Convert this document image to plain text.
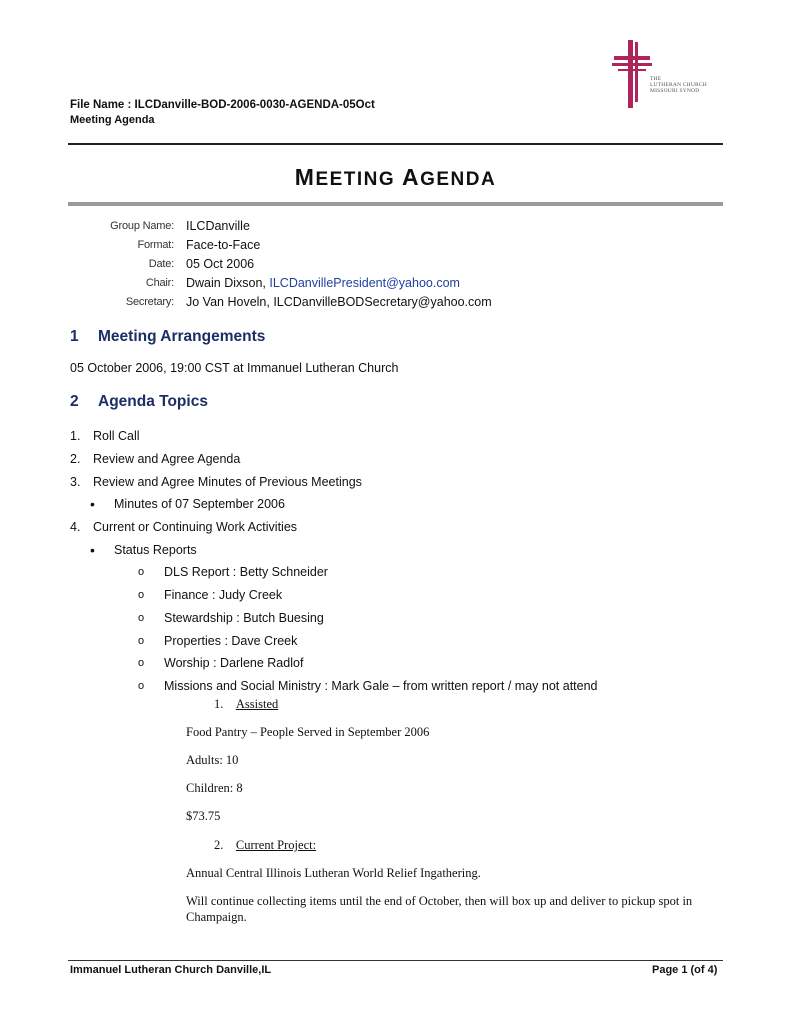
THE
LUTHERAN CHURCH
MISSOURI SYNOD
File Name : ILCDanville-BOD-2006-0030-AGENDA-05Oct
Meeting Agenda
MEETING AGENDA
Group Name: ILCDanville
Format: Face-to-Face
Date: 05 Oct 2006
Chair: Dwain Dixson, ILCDanvillePresident@yahoo.com
Secretary: Jo Van Hoveln, ILCDanvilleBODSecretary@yahoo.com
1 Meeting Arrangements
05 October 2006, 19:00 CST at Immanuel Lutheran Church
2 Agenda Topics
1.	Roll Call
2.	Review and Agree Agenda
3.	Review and Agree Minutes of Previous Meetings
•	Minutes of 07 September 2006
4.	Current or Continuing Work Activities
•	Status Reports
o	DLS Report : Betty Schneider
o	Finance : Judy Creek
o	Stewardship : Butch Buesing
o	Properties : Dave Creek
o	Worship : Darlene Radlof
o	Missions and Social Ministry : Mark Gale – from written report / may not attend
1. Assisted
Food Pantry – People Served in September 2006
Adults: 10
Children: 8
$73.75
2. Current Project:
Annual Central Illinois Lutheran World Relief Ingathering.
Will continue collecting items until the end of October, then will box up and deliver to pickup spot in
Champaign.
Immanuel Lutheran Church Danville,IL	Page 1 (of 4)
